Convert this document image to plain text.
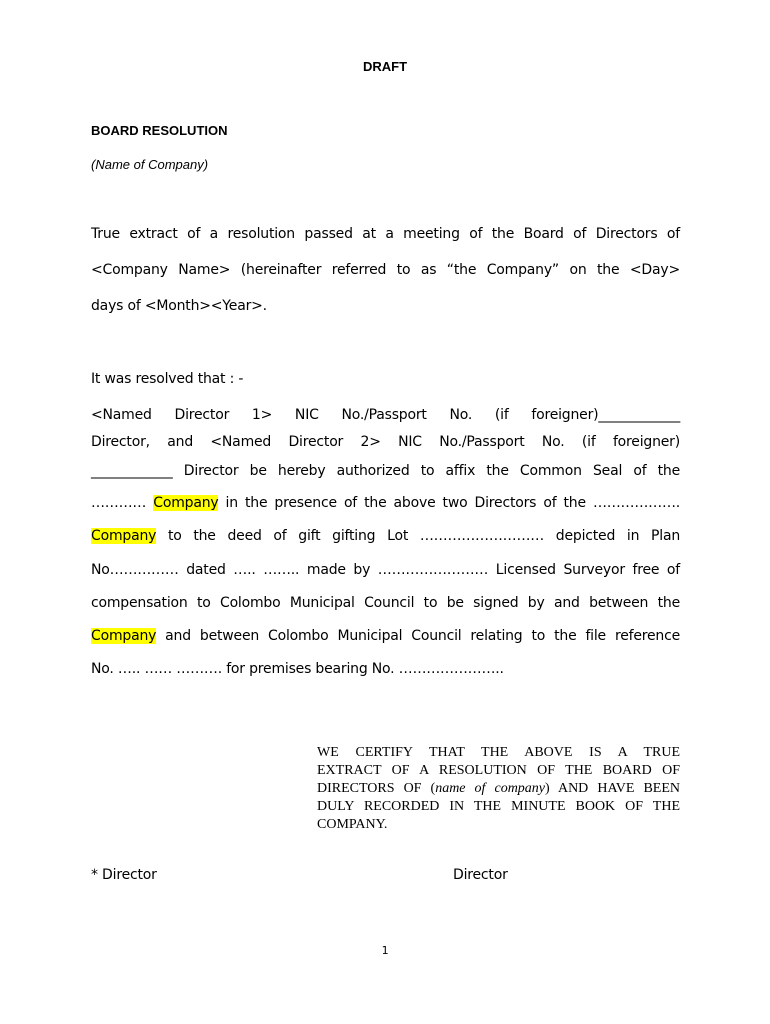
DRAFT
BOARD RESOLUTION
(Name of Company)
True extract of a resolution passed at a meeting of the Board of Directors of
<Company Name> (hereinafter referred to as “the Company” on the <Day>
days of <Month><Year>.
It was resolved that : -
<Named Director 1> NIC No./Passport No. (if foreigner)____________
Director, and <Named Director 2> NIC No./Passport No. (if foreigner)
____________ Director be hereby authorized to affix the Common Seal of the
………… Company in the presence of the above two Directors of the ……………….
Company to the deed of gift gifting Lot ……………………… depicted in Plan
No…………… dated ….. …….. made by …………………… Licensed Surveyor free of
compensation to Colombo Municipal Council to be signed by and between the
Company and between Colombo Municipal Council relating to the file reference
No. ….. …… ………. for premises bearing No. …………………..
WE CERTIFY THAT THE ABOVE IS A TRUE
EXTRACT OF A RESOLUTION OF THE BOARD OF
DIRECTORS OF (name of company) AND HAVE BEEN
DULY RECORDED IN THE MINUTE BOOK OF THE
COMPANY.
* Director	Director
1
